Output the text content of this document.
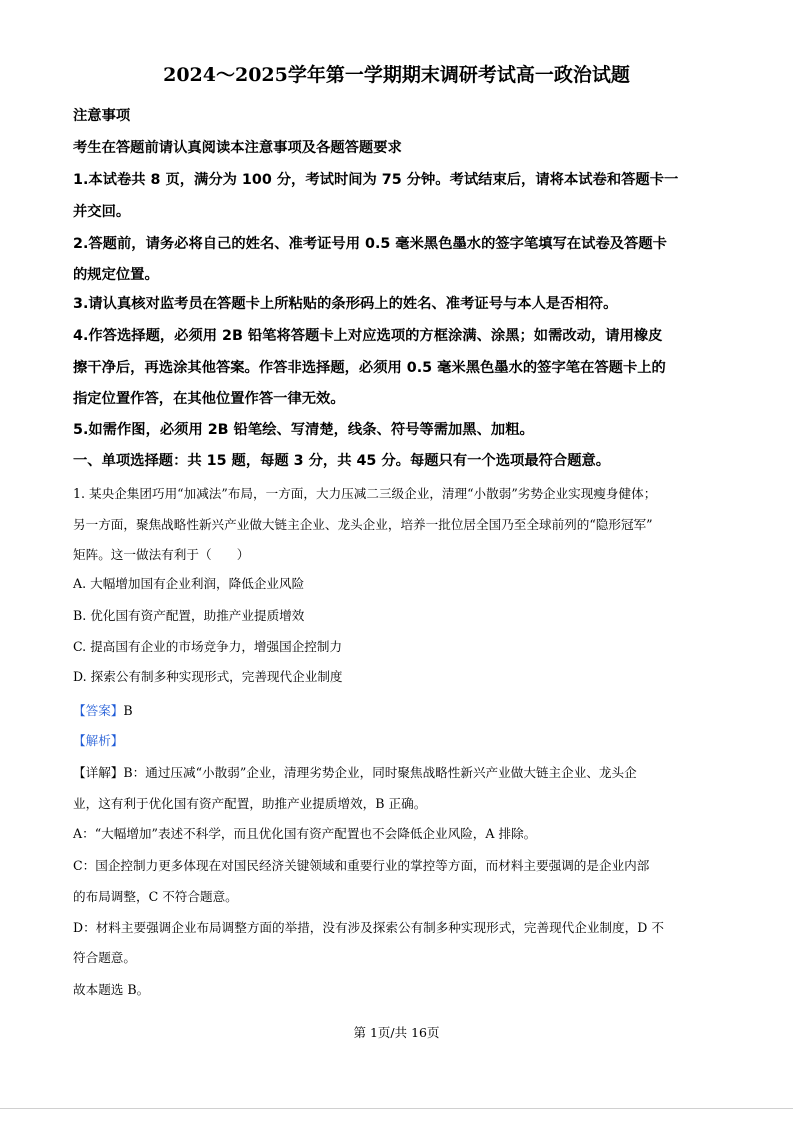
2024～2025学年第一学期期末调研考试高一政治试题
注意事项
考生在答题前请认真阅读本注意事项及各题答题要求
1.本试卷共 8 页，满分为 100 分，考试时间为 75 分钟。考试结束后，请将本试卷和答题卡一
并交回。
2.答题前，请务必将自己的姓名、准考证号用 0.5 毫米黑色墨水的签字笔填写在试卷及答题卡
的规定位置。
3.请认真核对监考员在答题卡上所粘贴的条形码上的姓名、准考证号与本人是否相符。
4.作答选择题，必须用 2B 铅笔将答题卡上对应选项的方框涂满、涂黑；如需改动，请用橡皮
擦干净后，再选涂其他答案。作答非选择题，必须用 0.5 毫米黑色墨水的签字笔在答题卡上的
指定位置作答，在其他位置作答一律无效。
5.如需作图，必须用 2B 铅笔绘、写清楚，线条、符号等需加黑、加粗。
一、单项选择题：共 15 题，每题 3 分，共 45 分。每题只有一个选项最符合题意。
1. 某央企集团巧用“加减法”布局，一方面，大力压减二三级企业，清理“小散弱”劣势企业实现瘦身健体；
另一方面，聚焦战略性新兴产业做大链主企业、龙头企业，培养一批位居全国乃至全球前列的“隐形冠军”
矩阵。这一做法有利于（　　）
A. 大幅增加国有企业利润，降低企业风险
B. 优化国有资产配置，助推产业提质增效
C. 提高国有企业的市场竞争力，增强国企控制力
D. 探索公有制多种实现形式，完善现代企业制度
【答案】B
【解析】
【详解】B：通过压减“小散弱”企业，清理劣势企业，同时聚焦战略性新兴产业做大链主企业、龙头企
业，这有利于优化国有资产配置，助推产业提质增效，B 正确。
A：“大幅增加”表述不科学，而且优化国有资产配置也不会降低企业风险，A 排除。
C：国企控制力更多体现在对国民经济关键领域和重要行业的掌控等方面，而材料主要强调的是企业内部
的布局调整，C 不符合题意。
D：材料主要强调企业布局调整方面的举措，没有涉及探索公有制多种实现形式，完善现代企业制度，D 不
符合题意。
故本题选 B。
第 1页/共 16页
